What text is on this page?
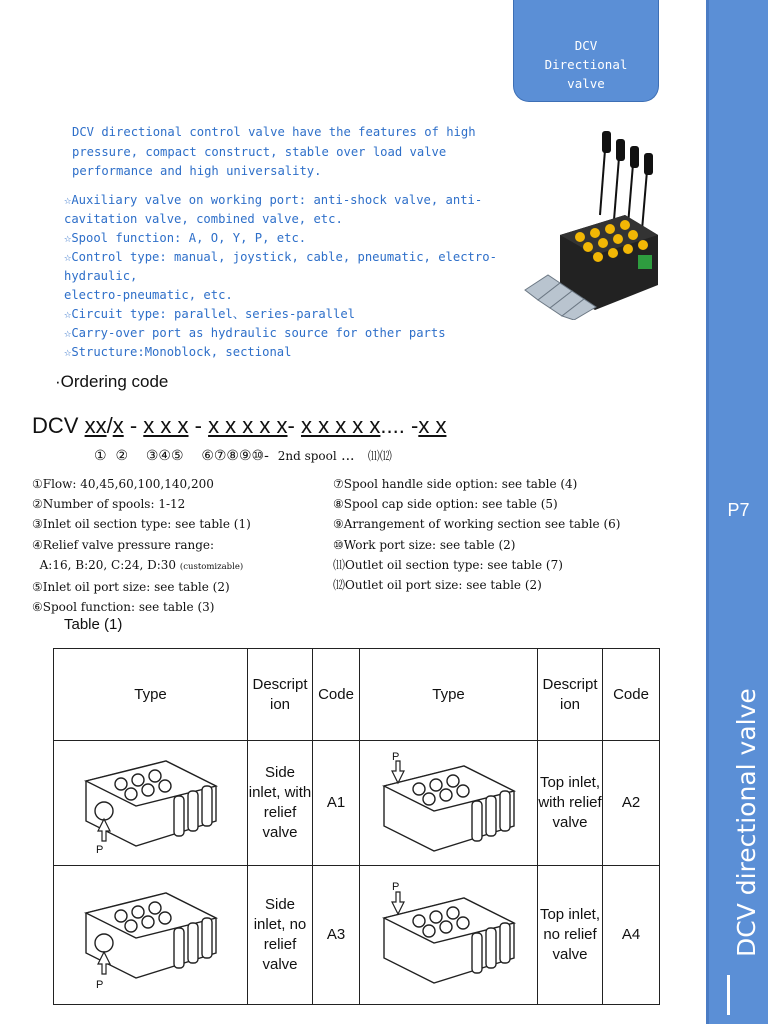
DCV
Directional
valve
P7
DCV directional valve
DCV directional control valve have the features of high pressure, compact construct, stable over load valve performance and high universality.
☆Auxiliary valve on working port: anti-shock valve, anti-cavitation valve, combined valve, etc.
☆Spool function: A, O, Y, P, etc.
☆Control type: manual, joystick, cable, pneumatic, electro-hydraulic,
electro-pneumatic, etc.
☆Circuit type: parallel、series-parallel
☆Carry-over port as hydraulic source for other parts
☆Structure:Monoblock, sectional
·Ordering code
DCV xx/x - x x x - x x x x x- x x x x x.... -x x
① ② ③④⑤ ⑥⑦⑧⑨⑩- 2nd spool ... ⑾⑿
①Flow: 40,45,60,100,140,200
②Number of spools: 1-12
③Inlet oil section type: see table (1)
④Relief valve pressure range:
A:16, B:20, C:24, D:30 (customizable)
⑤Inlet oil port size: see table (2)
⑥Spool function: see table (3)
⑦Spool handle side option: see table (4)
⑧Spool cap side option: see table (5)
⑨Arrangement of working section see table (6)
⑩Work port size: see table (2)
⑾Outlet oil section type: see table (7)
⑿Outlet oil port size: see table (2)
Table (1)
Type	Descript ion	Code	Type	Descript ion	Code

P	Side inlet, with relief valve	A1	P	Top inlet, with relief valve	A2

P	Side inlet, no relief valve	A3	P	Top inlet, no relief valve	A4
